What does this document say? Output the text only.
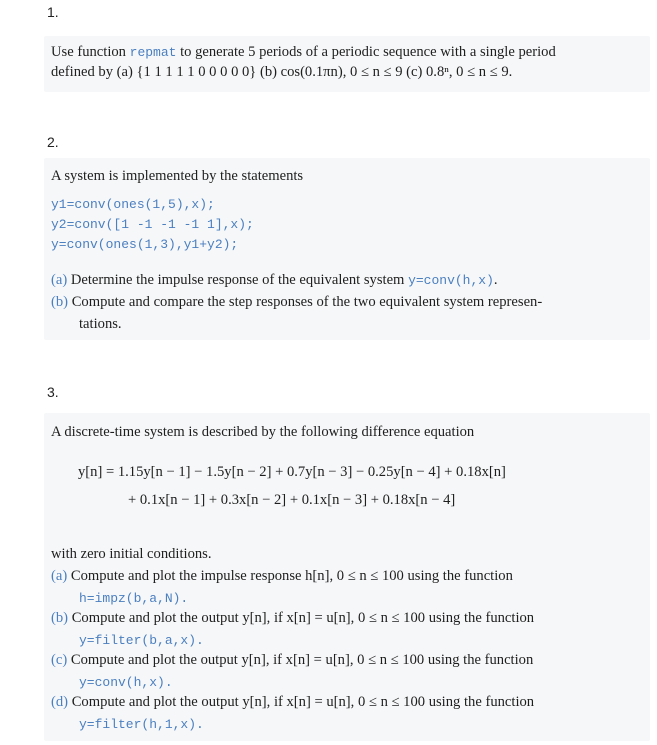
1.
Use function repmat to generate 5 periods of a periodic sequence with a single period
defined by (a) {1 1 1 1 1 0 0 0 0 0} (b) cos(0.1πn), 0 ≤ n ≤ 9 (c) 0.8ⁿ, 0 ≤ n ≤ 9.
2.
A system is implemented by the statements
y1=conv(ones(1,5),x);
y2=conv([1 -1 -1 -1 1],x);
y=conv(ones(1,3),y1+y2);
(a) Determine the impulse response of the equivalent system y=conv(h,x).
(b) Compute and compare the step responses of the two equivalent system represen-
tations.
3.
A discrete-time system is described by the following difference equation
y[n] = 1.15y[n − 1] − 1.5y[n − 2] + 0.7y[n − 3] − 0.25y[n − 4] + 0.18x[n]
+ 0.1x[n − 1] + 0.3x[n − 2] + 0.1x[n − 3] + 0.18x[n − 4]
with zero initial conditions.
(a) Compute and plot the impulse response h[n], 0 ≤ n ≤ 100 using the function
h=impz(b,a,N).
(b) Compute and plot the output y[n], if x[n] = u[n], 0 ≤ n ≤ 100 using the function
y=filter(b,a,x).
(c) Compute and plot the output y[n], if x[n] = u[n], 0 ≤ n ≤ 100 using the function
y=conv(h,x).
(d) Compute and plot the output y[n], if x[n] = u[n], 0 ≤ n ≤ 100 using the function
y=filter(h,1,x).
